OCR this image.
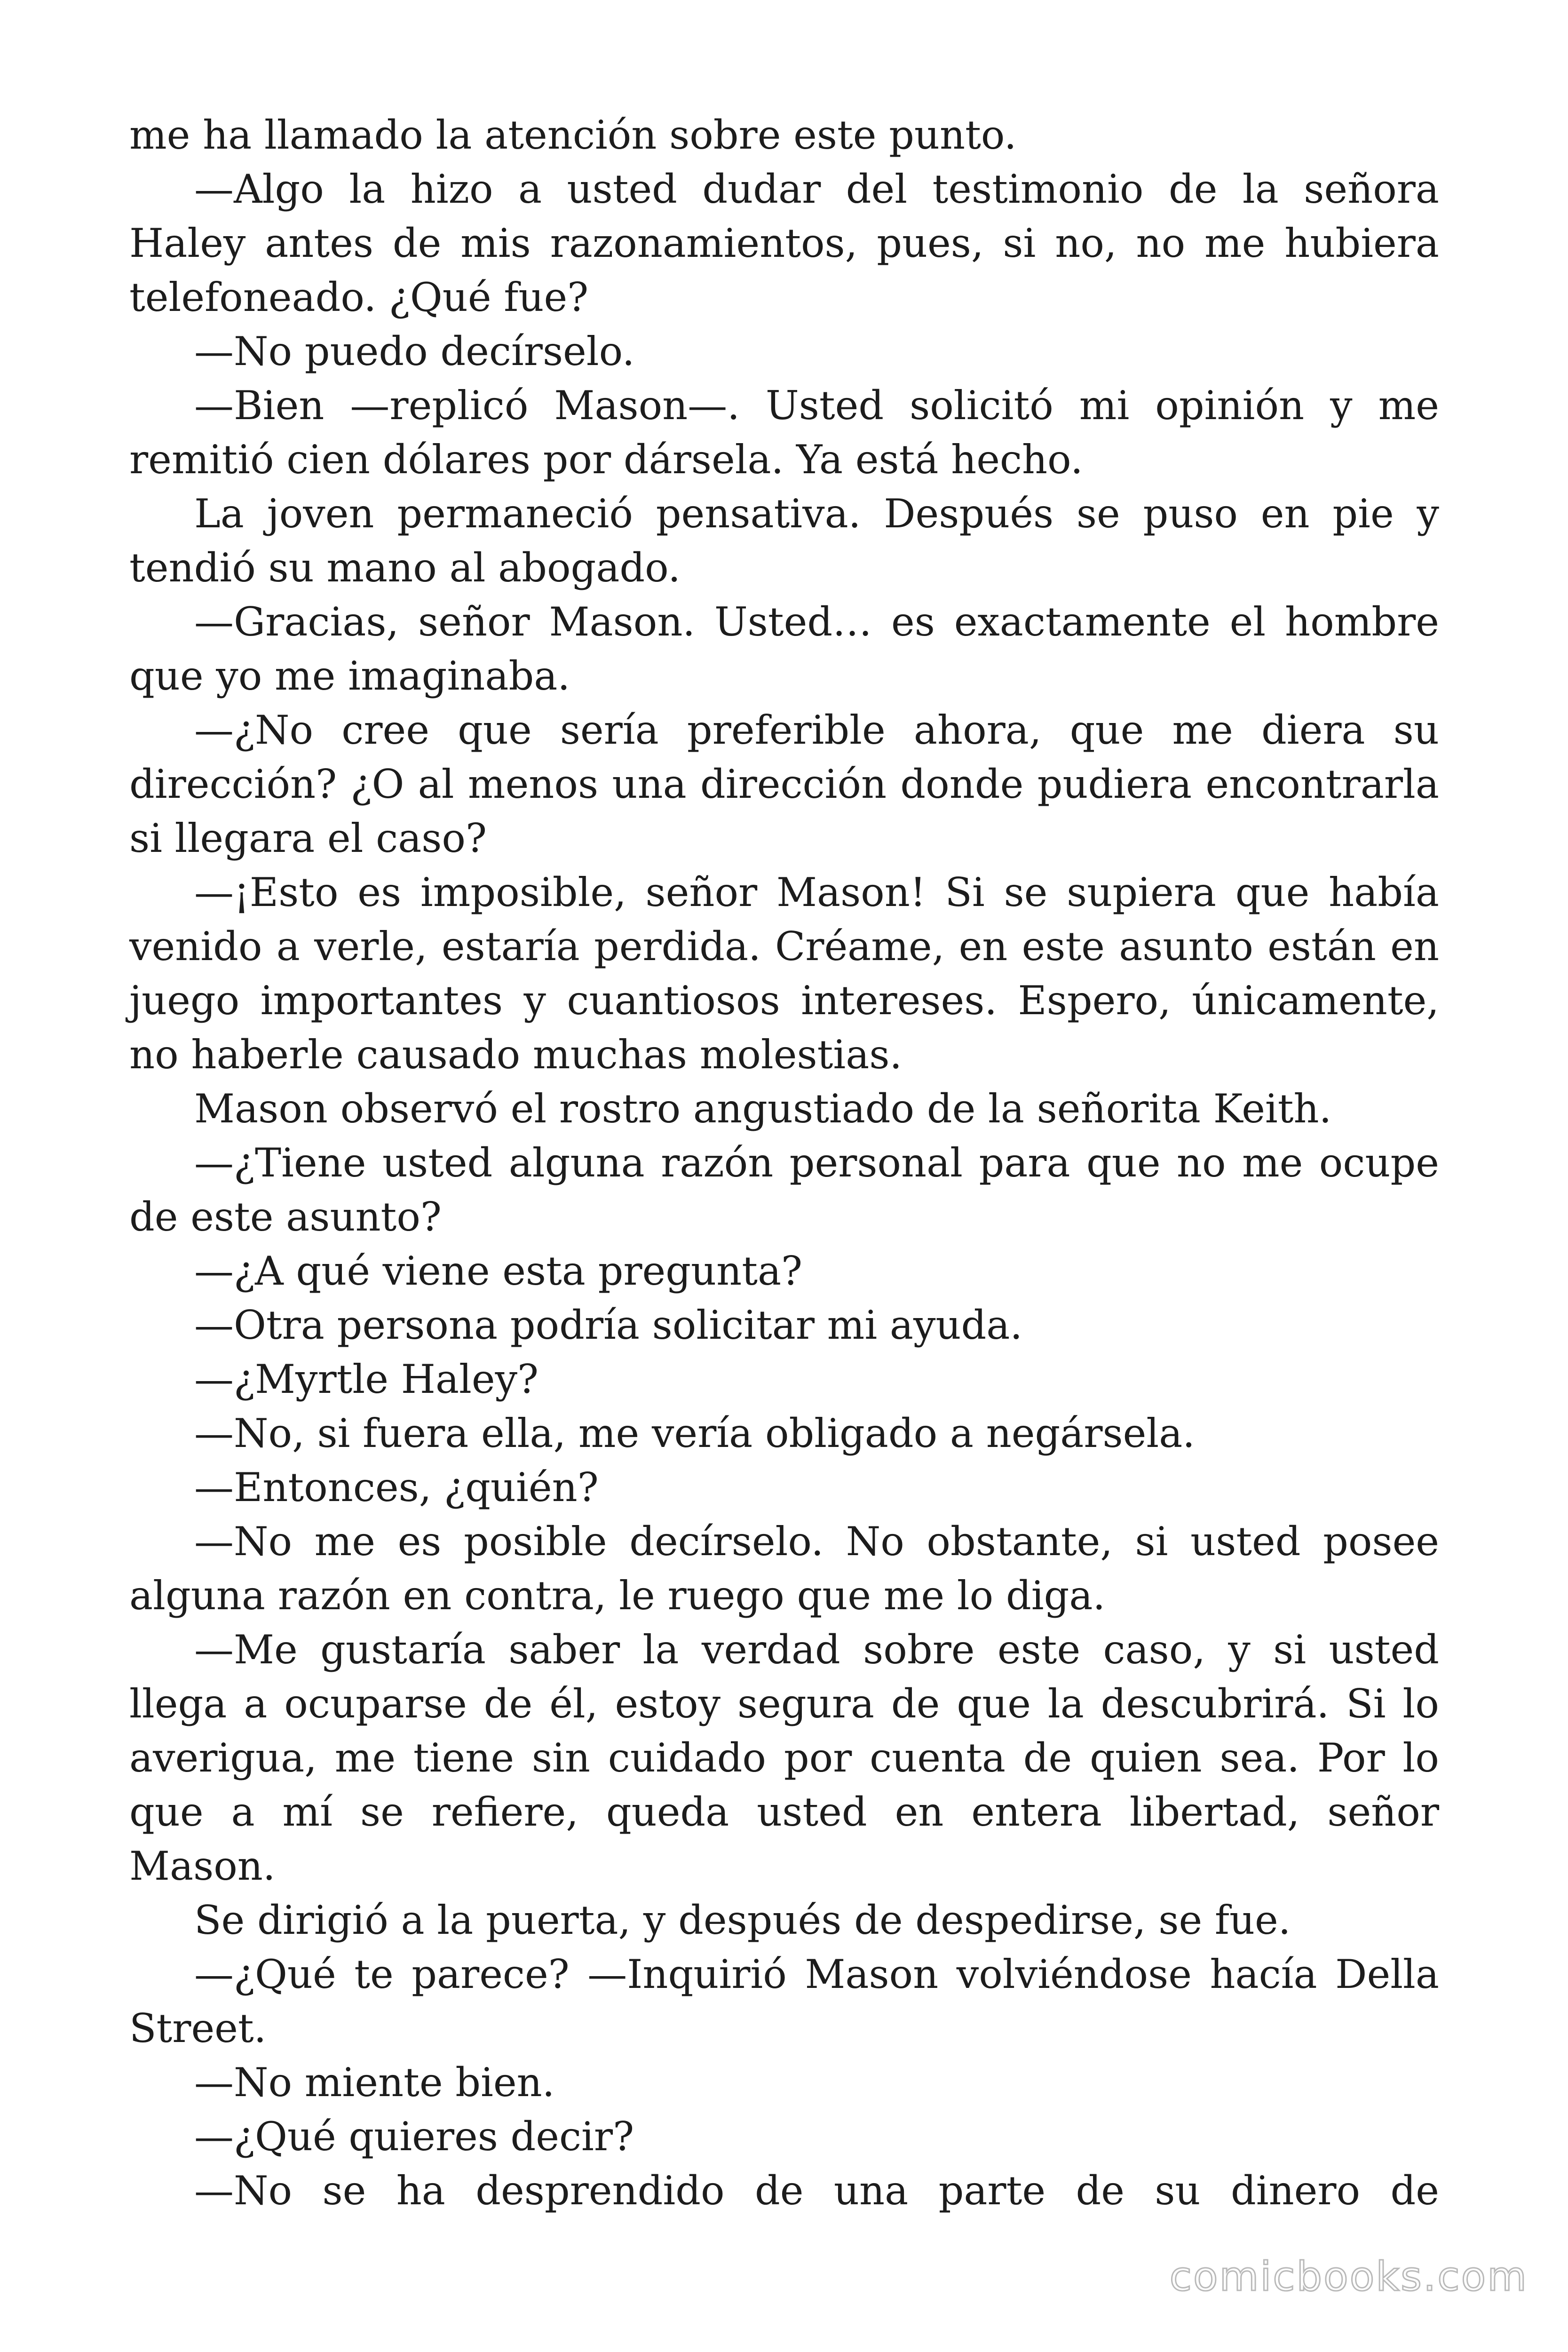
me ha llamado la atención sobre este punto.

—Algo la hizo a usted dudar del testimonio de la señora Haley antes de mis razonamientos, pues, si no, no me hubiera telefoneado. ¿Qué fue?

—No puedo decírselo.

—Bien —replicó Mason—. Usted solicitó mi opinión y me remitió cien dólares por dársela. Ya está hecho.

La joven permaneció pensativa. Después se puso en pie y tendió su mano al abogado.

—Gracias, señor Mason. Usted… es exactamente el hombre que yo me imaginaba.

—¿No cree que sería preferible ahora, que me diera su dirección? ¿O al menos una dirección donde pudiera encontrarla si llegara el caso?

—¡Esto es imposible, señor Mason! Si se supiera que había venido a verle, estaría perdida. Créame, en este asunto están en juego importantes y cuantiosos intereses. Espero, únicamente, no haberle causado muchas molestias.

Mason observó el rostro angustiado de la señorita Keith.

—¿Tiene usted alguna razón personal para que no me ocupe de este asunto?

—¿A qué viene esta pregunta?

—Otra persona podría solicitar mi ayuda.

—¿Myrtle Haley?

—No, si fuera ella, me vería obligado a negársela.

—Entonces, ¿quién?

—No me es posible decírselo. No obstante, si usted posee alguna razón en contra, le ruego que me lo diga.

—Me gustaría saber la verdad sobre este caso, y si usted llega a ocuparse de él, estoy segura de que la descubrirá. Si lo averigua, me tiene sin cuidado por cuenta de quien sea. Por lo que a mí se refiere, queda usted en entera libertad, señor Mason.

Se dirigió a la puerta, y después de despedirse, se fue.

—¿Qué te parece? —Inquirió Mason volviéndose hacía Della Street.

—No miente bien.

—¿Qué quieres decir?

—No se ha desprendido de una parte de su dinero de

comicbooks.com
